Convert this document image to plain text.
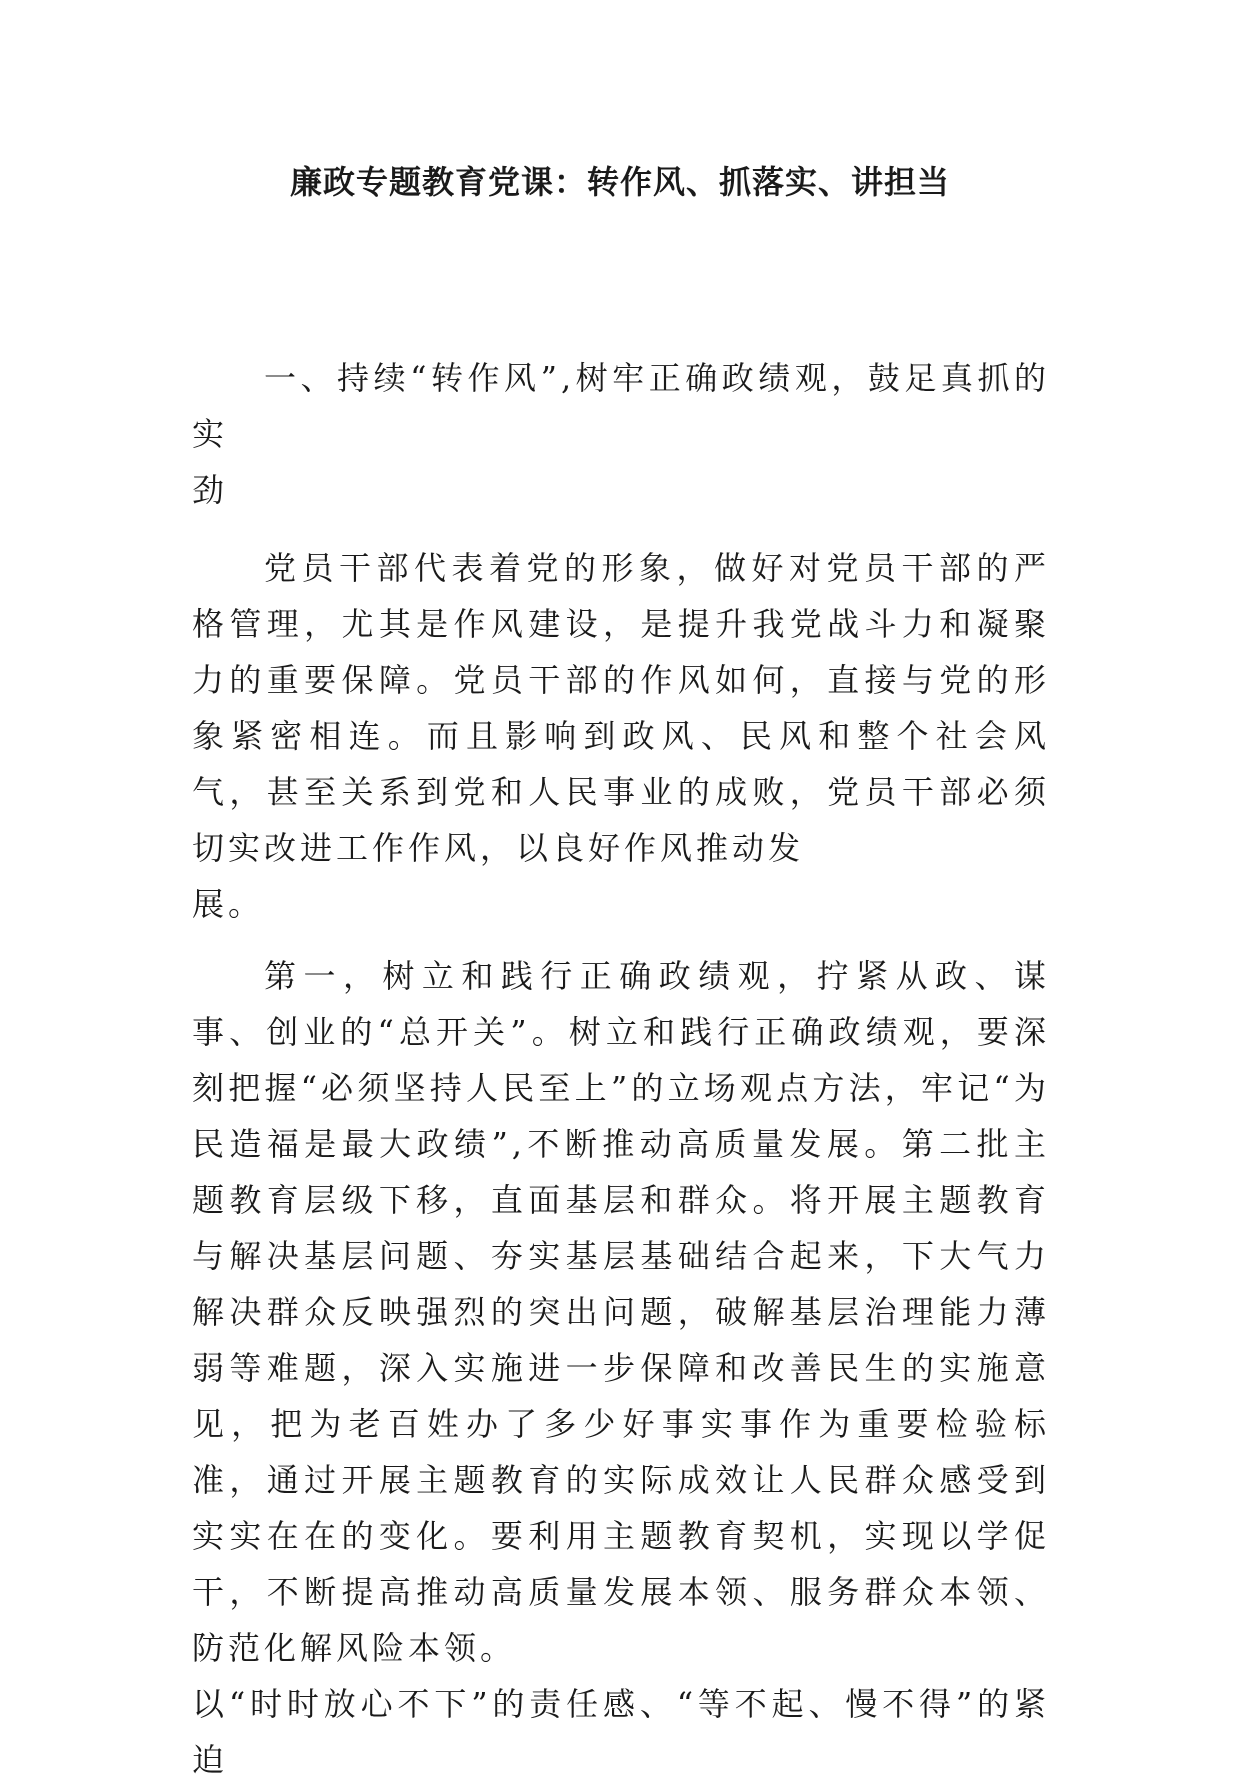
廉政专题教育党课：转作风、抓落实、讲担当

一、持续“转作风”,树牢正确政绩观，鼓足真抓的实
劲

党员干部代表着党的形象，做好对党员干部的严格管理，尤其是作风建设，是提升我党战斗力和凝聚力的重要保障。党员干部的作风如何，直接与党的形象紧密相连。而且影响到政风、民风和整个社会风气，甚至关系到党和人民事业的成败，党员干部必须切实改进工作作风，以良好作风推动发
展。

第一，树立和践行正确政绩观，拧紧从政、谋事、创业的“总开关”。树立和践行正确政绩观，要深刻把握“必须坚持人民至上”的立场观点方法，牢记“为民造福是最大政绩”,不断推动高质量发展。第二批主题教育层级下移，直面基层和群众。将开展主题教育与解决基层问题、夯实基层基础结合起来，下大气力解决群众反映强烈的突出问题，破解基层治理能力薄弱等难题，深入实施进一步保障和改善民生的实施意见，把为老百姓办了多少好事实事作为重要检验标准，通过开展主题教育的实际成效让人民群众感受到实实在在的变化。要利用主题教育契机，实现以学促干，不断提高推动高质量发展本领、服务群众本领、防范化解风险本领。
以“时时放心不下”的责任感、“等不起、慢不得”的紧迫
